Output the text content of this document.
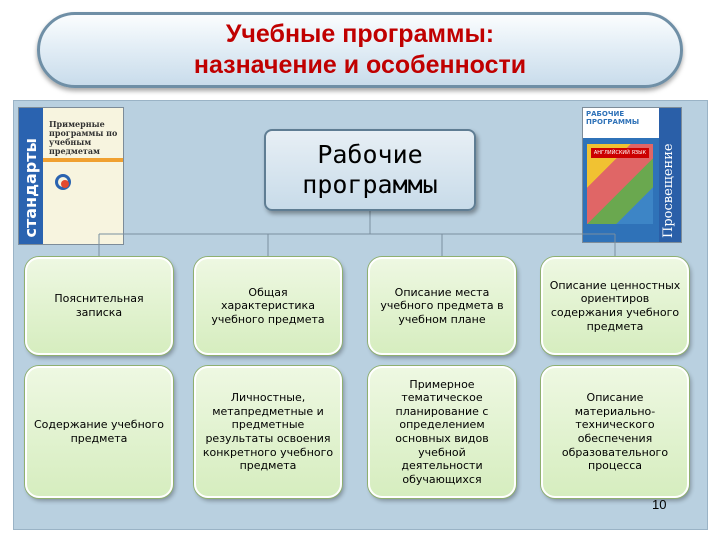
Учебные программы:
назначение и особенности
стандарты
Примерные программы по учебным предметам
РАБОЧИЕ ПРОГРАММЫ
АНГЛИЙСКИЙ ЯЗЫК Просвещение
Рабочие
программы
Пояснительная записка
Общая характеристика учебного предмета
Описание места учебного предмета в учебном плане
Описание ценностных ориентиров содержания учебного предмета
Содержание учебного предмета
Личностные, метапредметные и предметные результаты освоения конкретного учебного предмета
Примерное тематическое планирование с определением основных видов учебной деятельности обучающихся
Описание материально-технического обеспечения образовательного процесса
10
